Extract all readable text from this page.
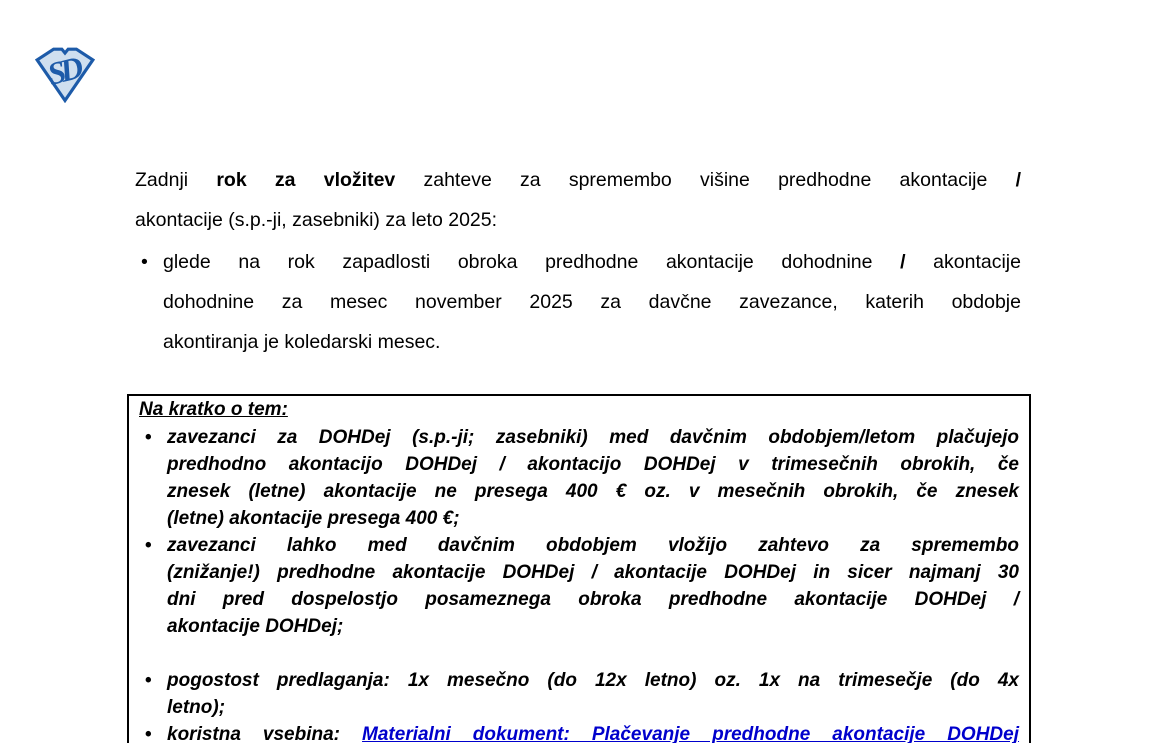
SD
Zadnji rok za vložitev zahteve za spremembo višine predhodne akontacije /
akontacije (s.p.-ji, zasebniki) za leto 2025:
• glede na rok zapadlosti obroka predhodne akontacije dohodnine / akontacije
dohodnine za mesec november 2025 za davčne zavezance, katerih obdobje
akontiranja je koledarski mesec.
Na kratko o tem:
• zavezanci za DOHDej (s.p.-ji; zasebniki) med davčnim obdobjem/letom plačujejo
predhodno akontacijo DOHDej / akontacijo DOHDej v trimesečnih obrokih, če
znesek (letne) akontacije ne presega 400 € oz. v mesečnih obrokih, če znesek
(letne) akontacije presega 400 €;
• zavezanci lahko med davčnim obdobjem vložijo zahtevo za spremembo
(znižanje!) predhodne akontacije DOHDej / akontacije DOHDej in sicer najmanj 30
dni pred dospelostjo posameznega obroka predhodne akontacije DOHDej /
akontacije DOHDej;
• pogostost predlaganja: 1x mesečno (do 12x letno) oz. 1x na trimesečje (do 4x
letno);
• koristna vsebina: Materialni dokument: Plačevanje predhodne akontacije DOHDej
